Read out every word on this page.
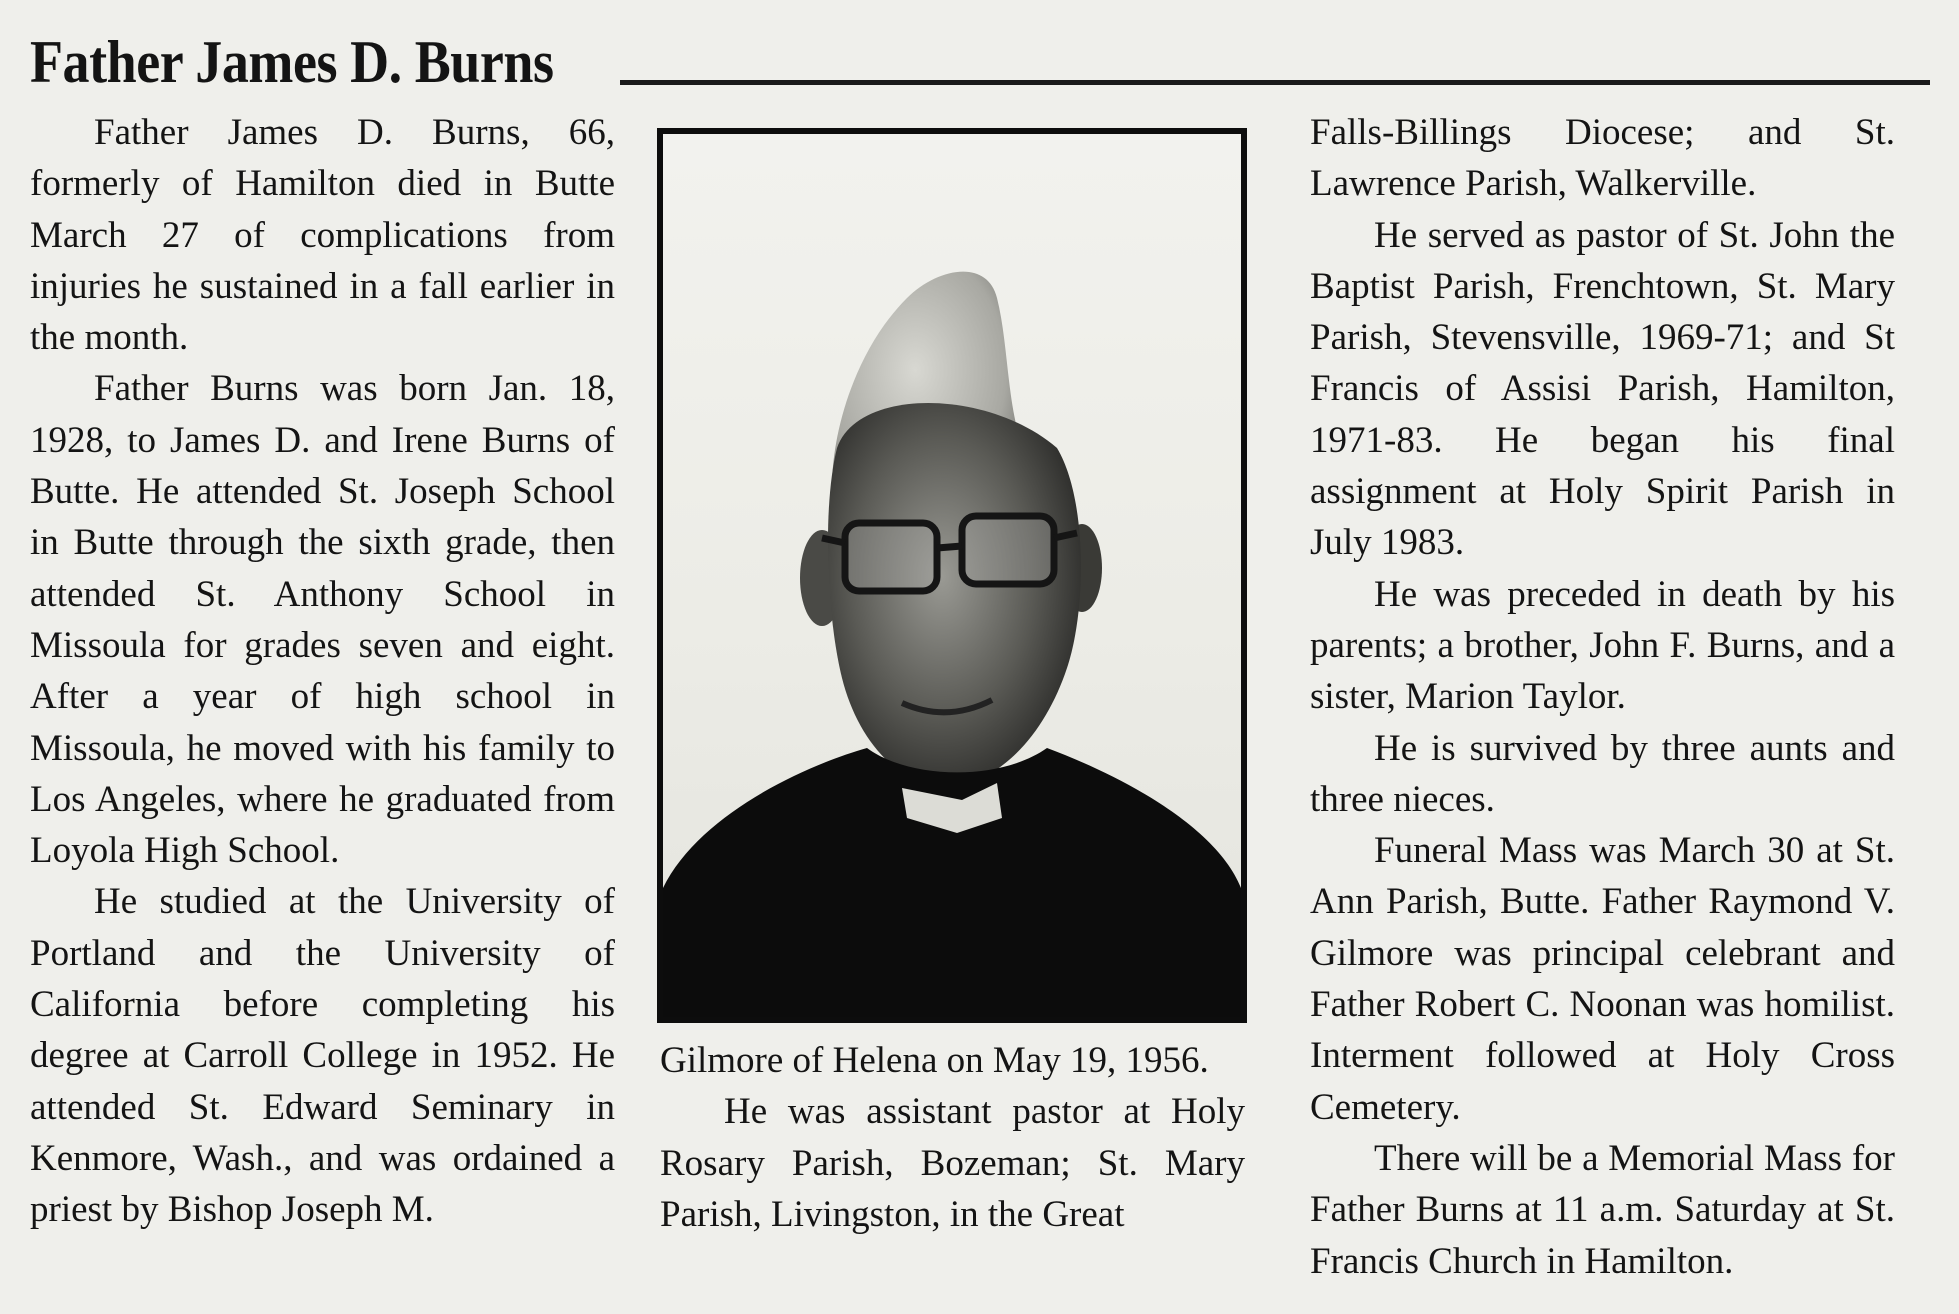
Father James D. Burns

Father James D. Burns, 66, formerly of Hamilton died in Butte March 27 of complications from injuries he sustained in a fall earlier in the month.

Father Burns was born Jan. 18, 1928, to James D. and Irene Burns of Butte. He attended St. Joseph School in Butte through the sixth grade, then attended St. Anthony School in Missoula for grades seven and eight. After a year of high school in Missoula, he moved with his family to Los Angeles, where he graduated from Loyola High School.

He studied at the University of Portland and the University of California before completing his degree at Carroll College in 1952. He attended St. Edward Seminary in Kenmore, Wash., and was ordained a priest by Bishop Joseph M.

Gilmore of Helena on May 19, 1956.

He was assistant pastor at Holy Rosary Parish, Bozeman; St. Mary Parish, Livingston, in the Great

Falls-Billings Diocese; and St. Lawrence Parish, Walkerville.

He served as pastor of St. John the Baptist Parish, Frenchtown, St. Mary Parish, Stevensville, 1969-71; and St Francis of Assisi Parish, Hamilton, 1971-83. He began his final assignment at Holy Spirit Parish in July 1983.

He was preceded in death by his parents; a brother, John F. Burns, and a sister, Marion Taylor.

He is survived by three aunts and three nieces.

Funeral Mass was March 30 at St. Ann Parish, Butte. Father Raymond V. Gilmore was principal celebrant and Father Robert C. Noonan was homilist. Interment followed at Holy Cross Cemetery.

There will be a Memorial Mass for Father Burns at 11 a.m. Saturday at St. Francis Church in Hamilton.
